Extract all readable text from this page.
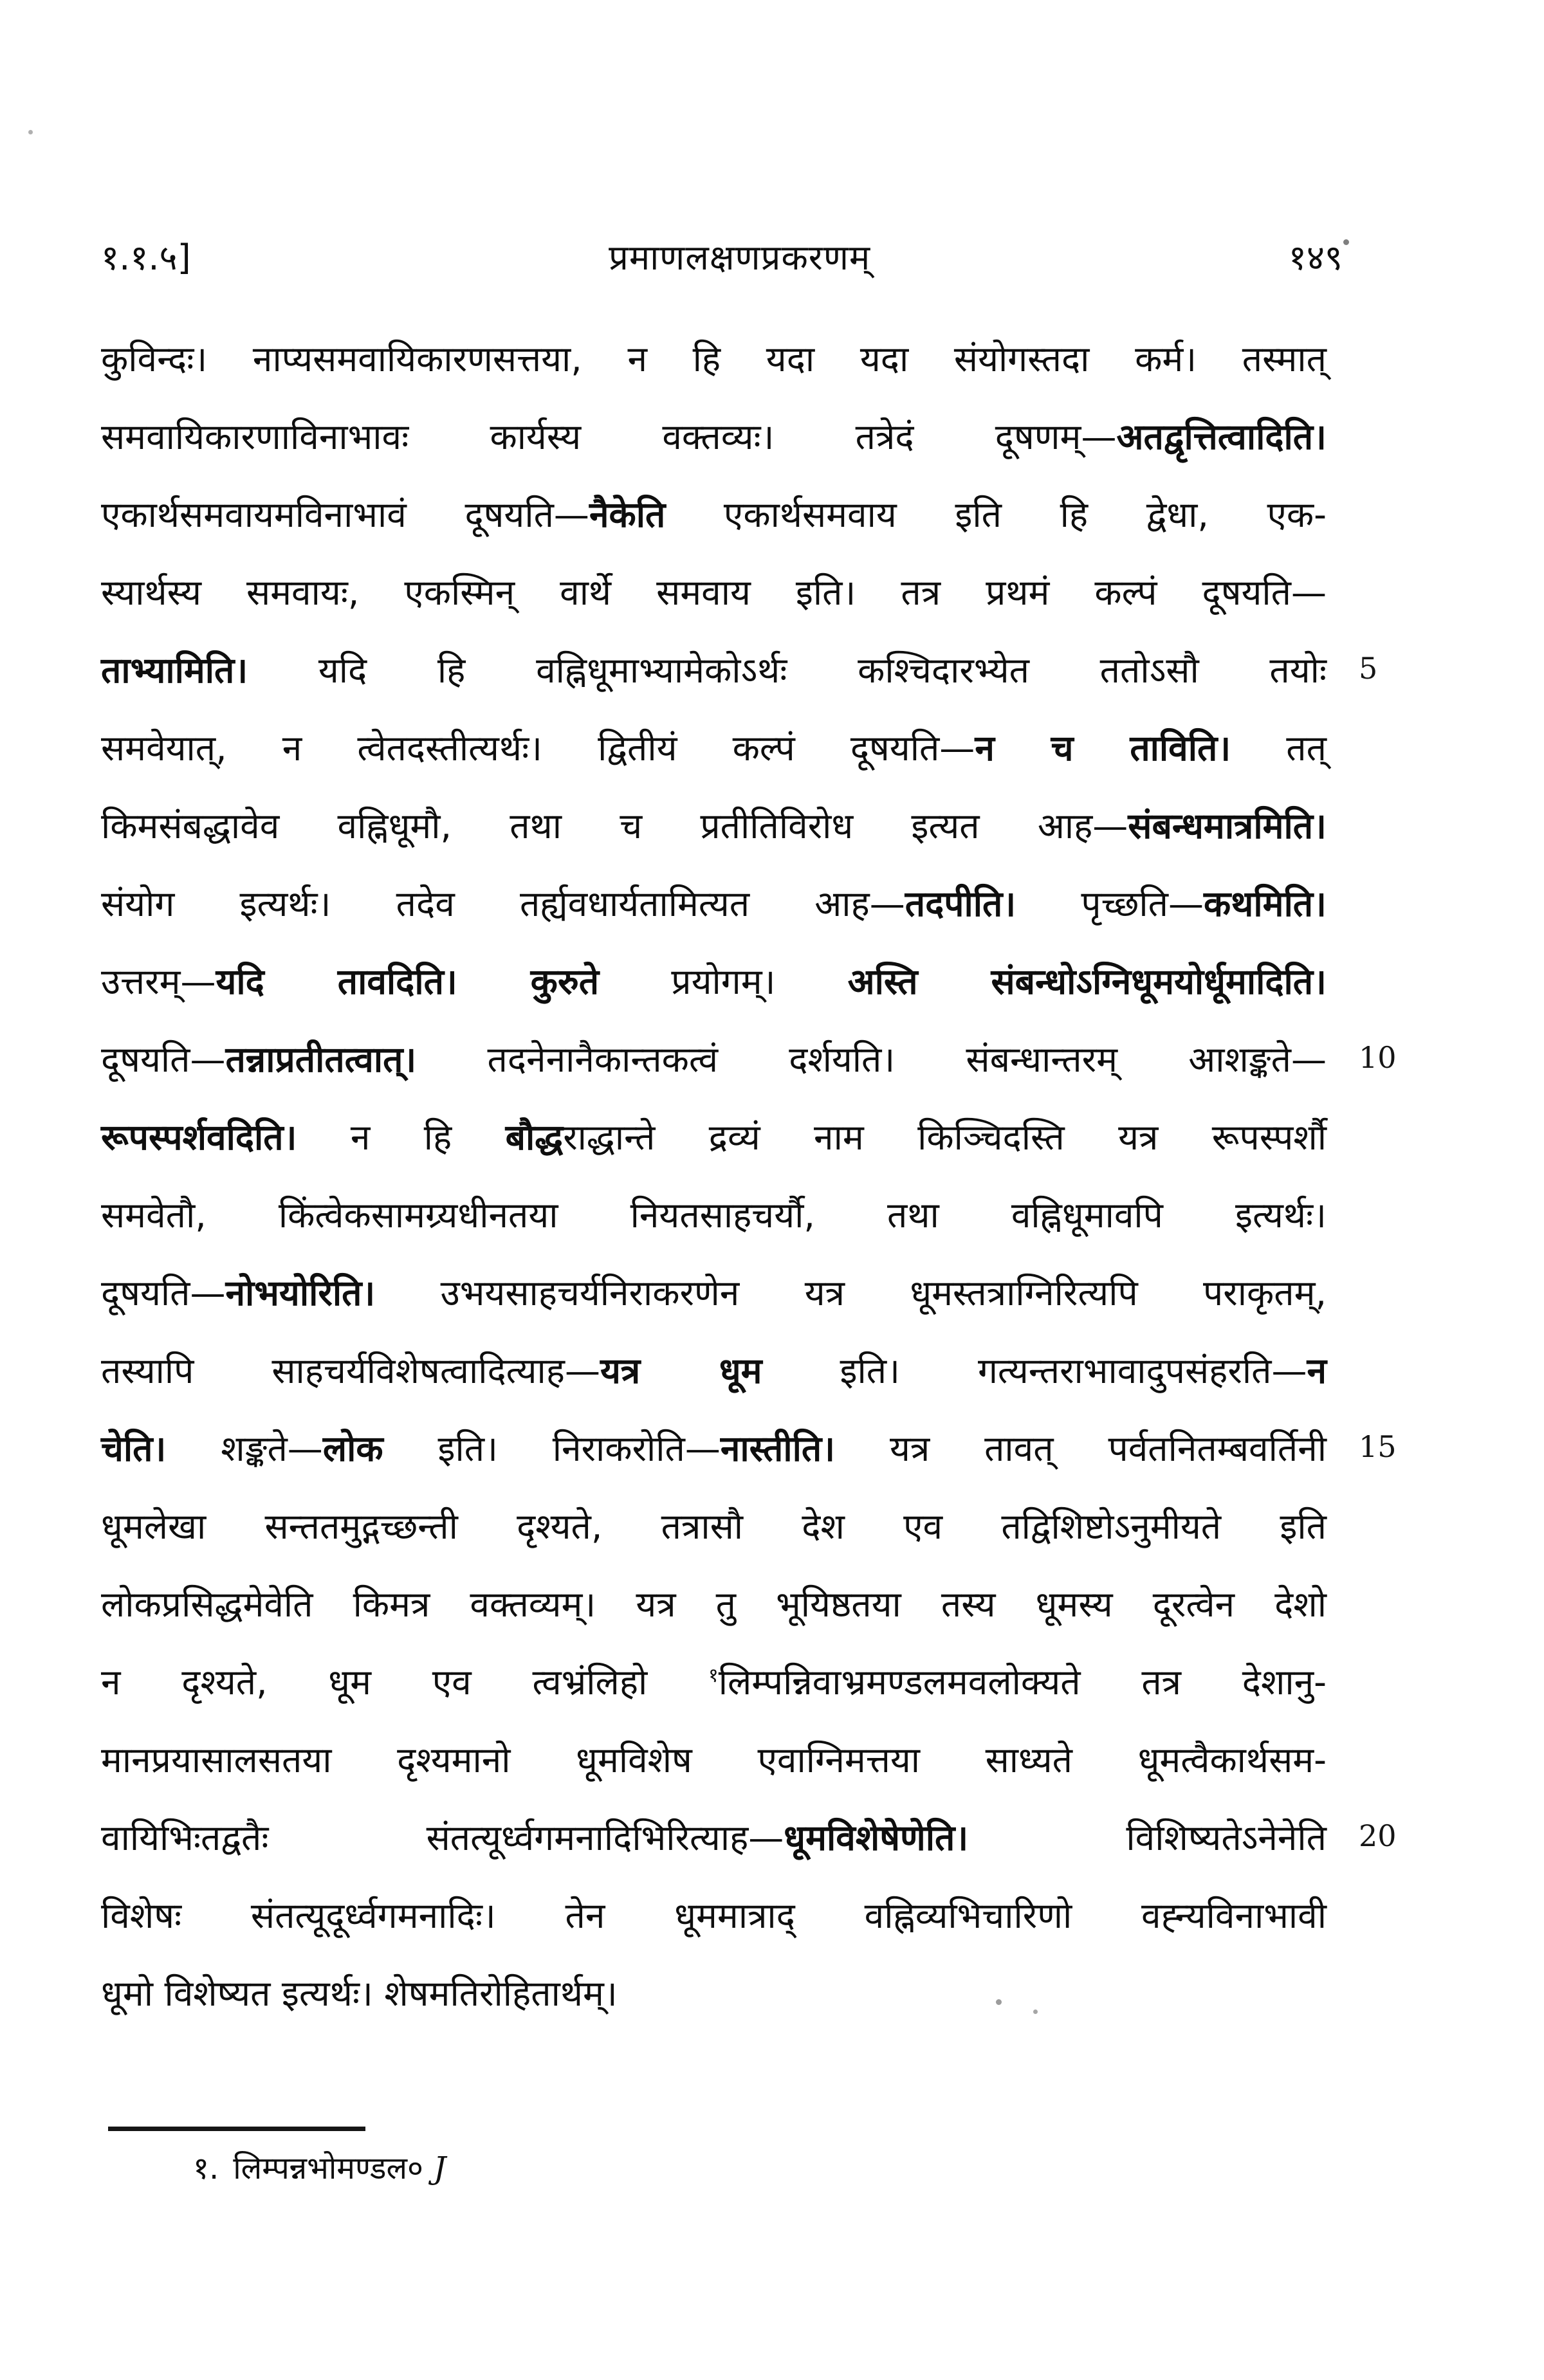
१.१.५]	प्रमाणलक्षणप्रकरणम्	१४९
कुविन्दः। नाप्यसमवायिकारणसत्तया, न हि यदा यदा संयोगस्तदा कर्म। तस्मात्
समवायिकारणाविनाभावः कार्यस्य वक्तव्यः। तत्रेदं दूषणम्—अतद्वृत्तित्वादिति।
एकार्थसमवायमविनाभावं दूषयति—नैकेति एकार्थसमवाय इति हि द्वेधा, एक-
स्यार्थस्य समवायः, एकस्मिन् वार्थे समवाय इति। तत्र प्रथमं कल्पं दूषयति—
ताभ्यामिति। यदि हि वह्निधूमाभ्यामेकोऽर्थः कश्चिदारभ्येत ततोऽसौ तयोः
समवेयात्, न त्वेतदस्तीत्यर्थः। द्वितीयं कल्पं दूषयति—न च ताविति। तत्
किमसंबद्धावेव वह्निधूमौ, तथा च प्रतीतिविरोध इत्यत आह—संबन्धमात्रमिति।
संयोग इत्यर्थः। तदेव तर्ह्यवधार्यतामित्यत आह—तदपीति। पृच्छति—कथमिति।
उत्तरम्—यदि तावदिति। कुरुते प्रयोगम्। अस्ति संबन्धोऽग्निधूमयोर्धूमादिति।
दूषयति—तन्नाप्रतीतत्वात्। तदनेनानैकान्तकत्वं दर्शयति। संबन्धान्तरम् आशङ्कते—
रूपस्पर्शवदिति। न हि बौद्धराद्धान्ते द्रव्यं नाम किञ्चिदस्ति यत्र रूपस्पर्शौ
समवेतौ, किंत्वेकसामग्र्यधीनतया नियतसाहचर्यौ, तथा वह्निधूमावपि इत्यर्थः।
दूषयति—नोभयोरिति। उभयसाहचर्यनिराकरणेन यत्र धूमस्तत्राग्निरित्यपि पराकृतम्,
तस्यापि साहचर्यविशेषत्वादित्याह—यत्र धूम इति। गत्यन्तराभावादुपसंहरति—न
चेति। शङ्कते—लोक इति। निराकरोति—नास्तीति। यत्र तावत् पर्वतनितम्बवर्तिनी
धूमलेखा सन्ततमुद्गच्छन्ती दृश्यते, तत्रासौ देश एव तद्विशिष्टोऽनुमीयते इति
लोकप्रसिद्धमेवेति किमत्र वक्तव्यम्। यत्र तु भूयिष्ठतया तस्य धूमस्य दूरत्वेन देशो
न दृश्यते, धूम एव त्वभ्रंलिहो $^१$लिम्पन्निवाभ्रमण्डलमवलोक्यते तत्र देशानु-
मानप्रयासालसतया दृश्यमानो धूमविशेष एवाग्निमत्तया साध्यते धूमत्वैकार्थसम-
वायिभिःतद्वतैः संतत्यूर्ध्वगमनादिभिरित्याह—धूमविशेषेणेति। विशिष्यतेऽनेनेति
विशेषः संतत्यूदूर्ध्वगमनादिः। तेन धूममात्राद् वह्निव्यभिचारिणो वह्न्यविनाभावी
धूमो विशेष्यत इत्यर्थः। शेषमतिरोहितार्थम्।
5
10
15
20
१. लिम्पन्नभोमण्डल० J
